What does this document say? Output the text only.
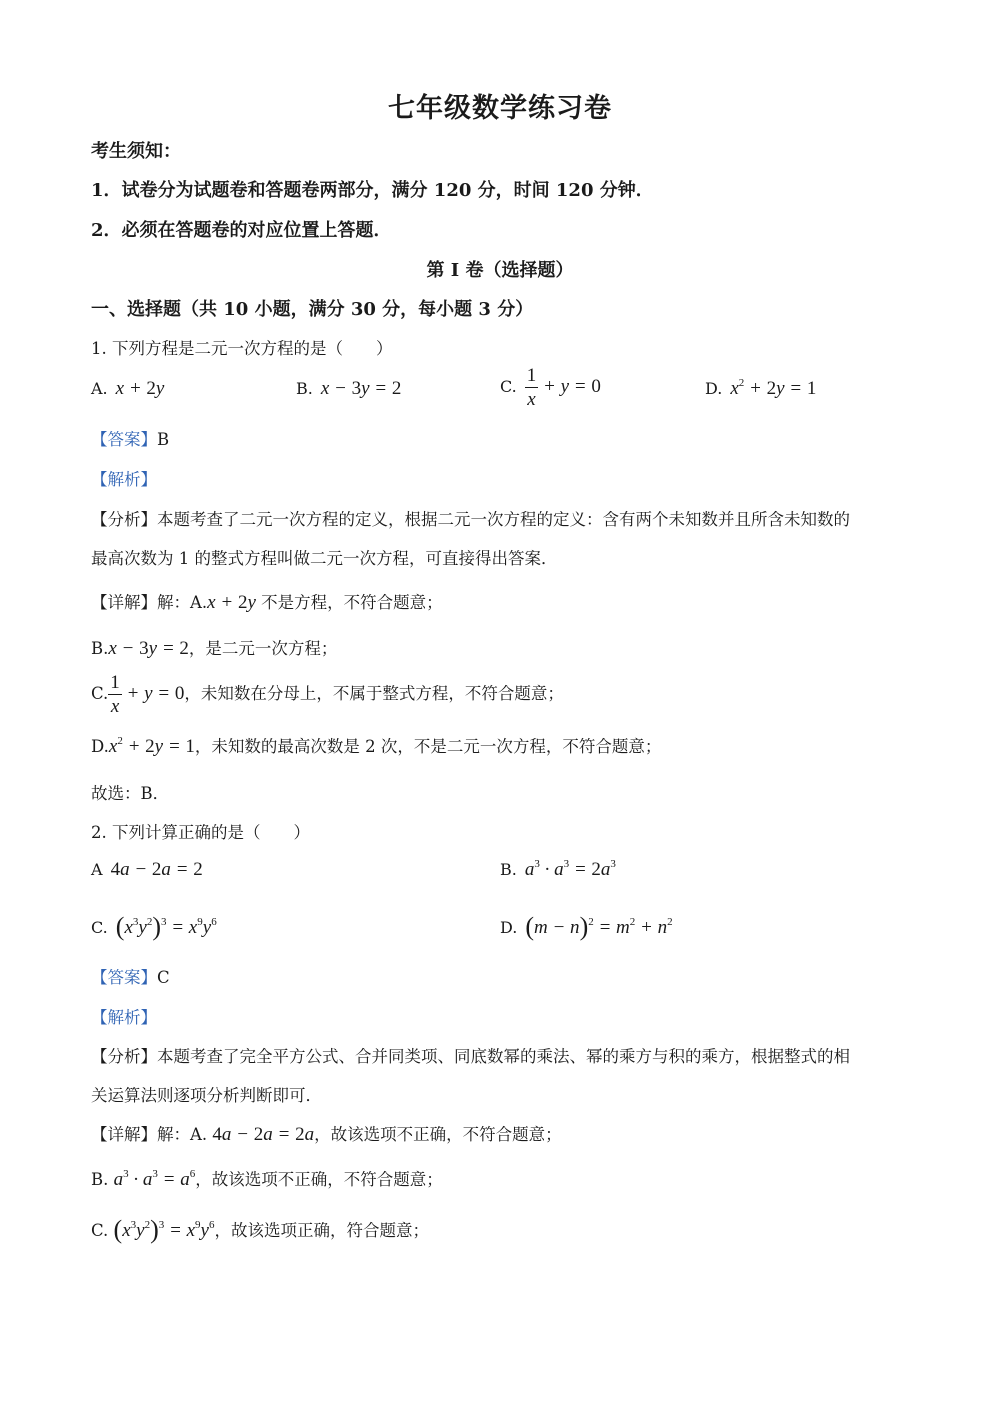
七年级数学练习卷
考生须知：
1．试卷分为试题卷和答题卷两部分，满分 120 分，时间 120 分钟．
2．必须在答题卷的对应位置上答题．
第 I 卷（选择题）
一、选择题（共 10 小题，满分 30 分，每小题 3 分）
1. 下列方程是二元一次方程的是（　　）
A. x + 2y	B. x − 3y = 2	C. $\frac{1}{x} + y = 0$	D. $x^2 + 2y = 1$
【答案】B
【解析】
【分析】本题考查了二元一次方程的定义，根据二元一次方程的定义：含有两个未知数并且所含未知数的
最高次数为 1 的整式方程叫做二元一次方程，可直接得出答案．
【详解】解：A.x + 2y 不是方程，不符合题意；
B.x − 3y = 2，是二元一次方程；
C. $\frac{1}{x} + y = 0$，未知数在分母上，不属于整式方程，不符合题意；
$D.x^2 + 2y = 1$，未知数的最高次数是 2 次，不是二元一次方程，不符合题意；
故选：B．
2. 下列计算正确的是（　　）
A 4a − 2a = 2	B. $a^3 \cdot a^3 = 2a^3$
C. $(x^3y^2)^3 = x^9y^6$	D. $(m - n)^2 = m^2 + n^2$
【答案】C
【解析】
【分析】本题考查了完全平方公式、合并同类项、同底数幂的乘法、幂的乘方与积的乘方，根据整式的相
关运算法则逐项分析判断即可．
【详解】解：A. 4a − 2a = 2a，故该选项不正确，不符合题意；
B. $a^3 \cdot a^3 = a^6$，故该选项不正确，不符合题意；
C. $(x^3y^2)^3 = x^9y^6$，故该选项正确，符合题意；
